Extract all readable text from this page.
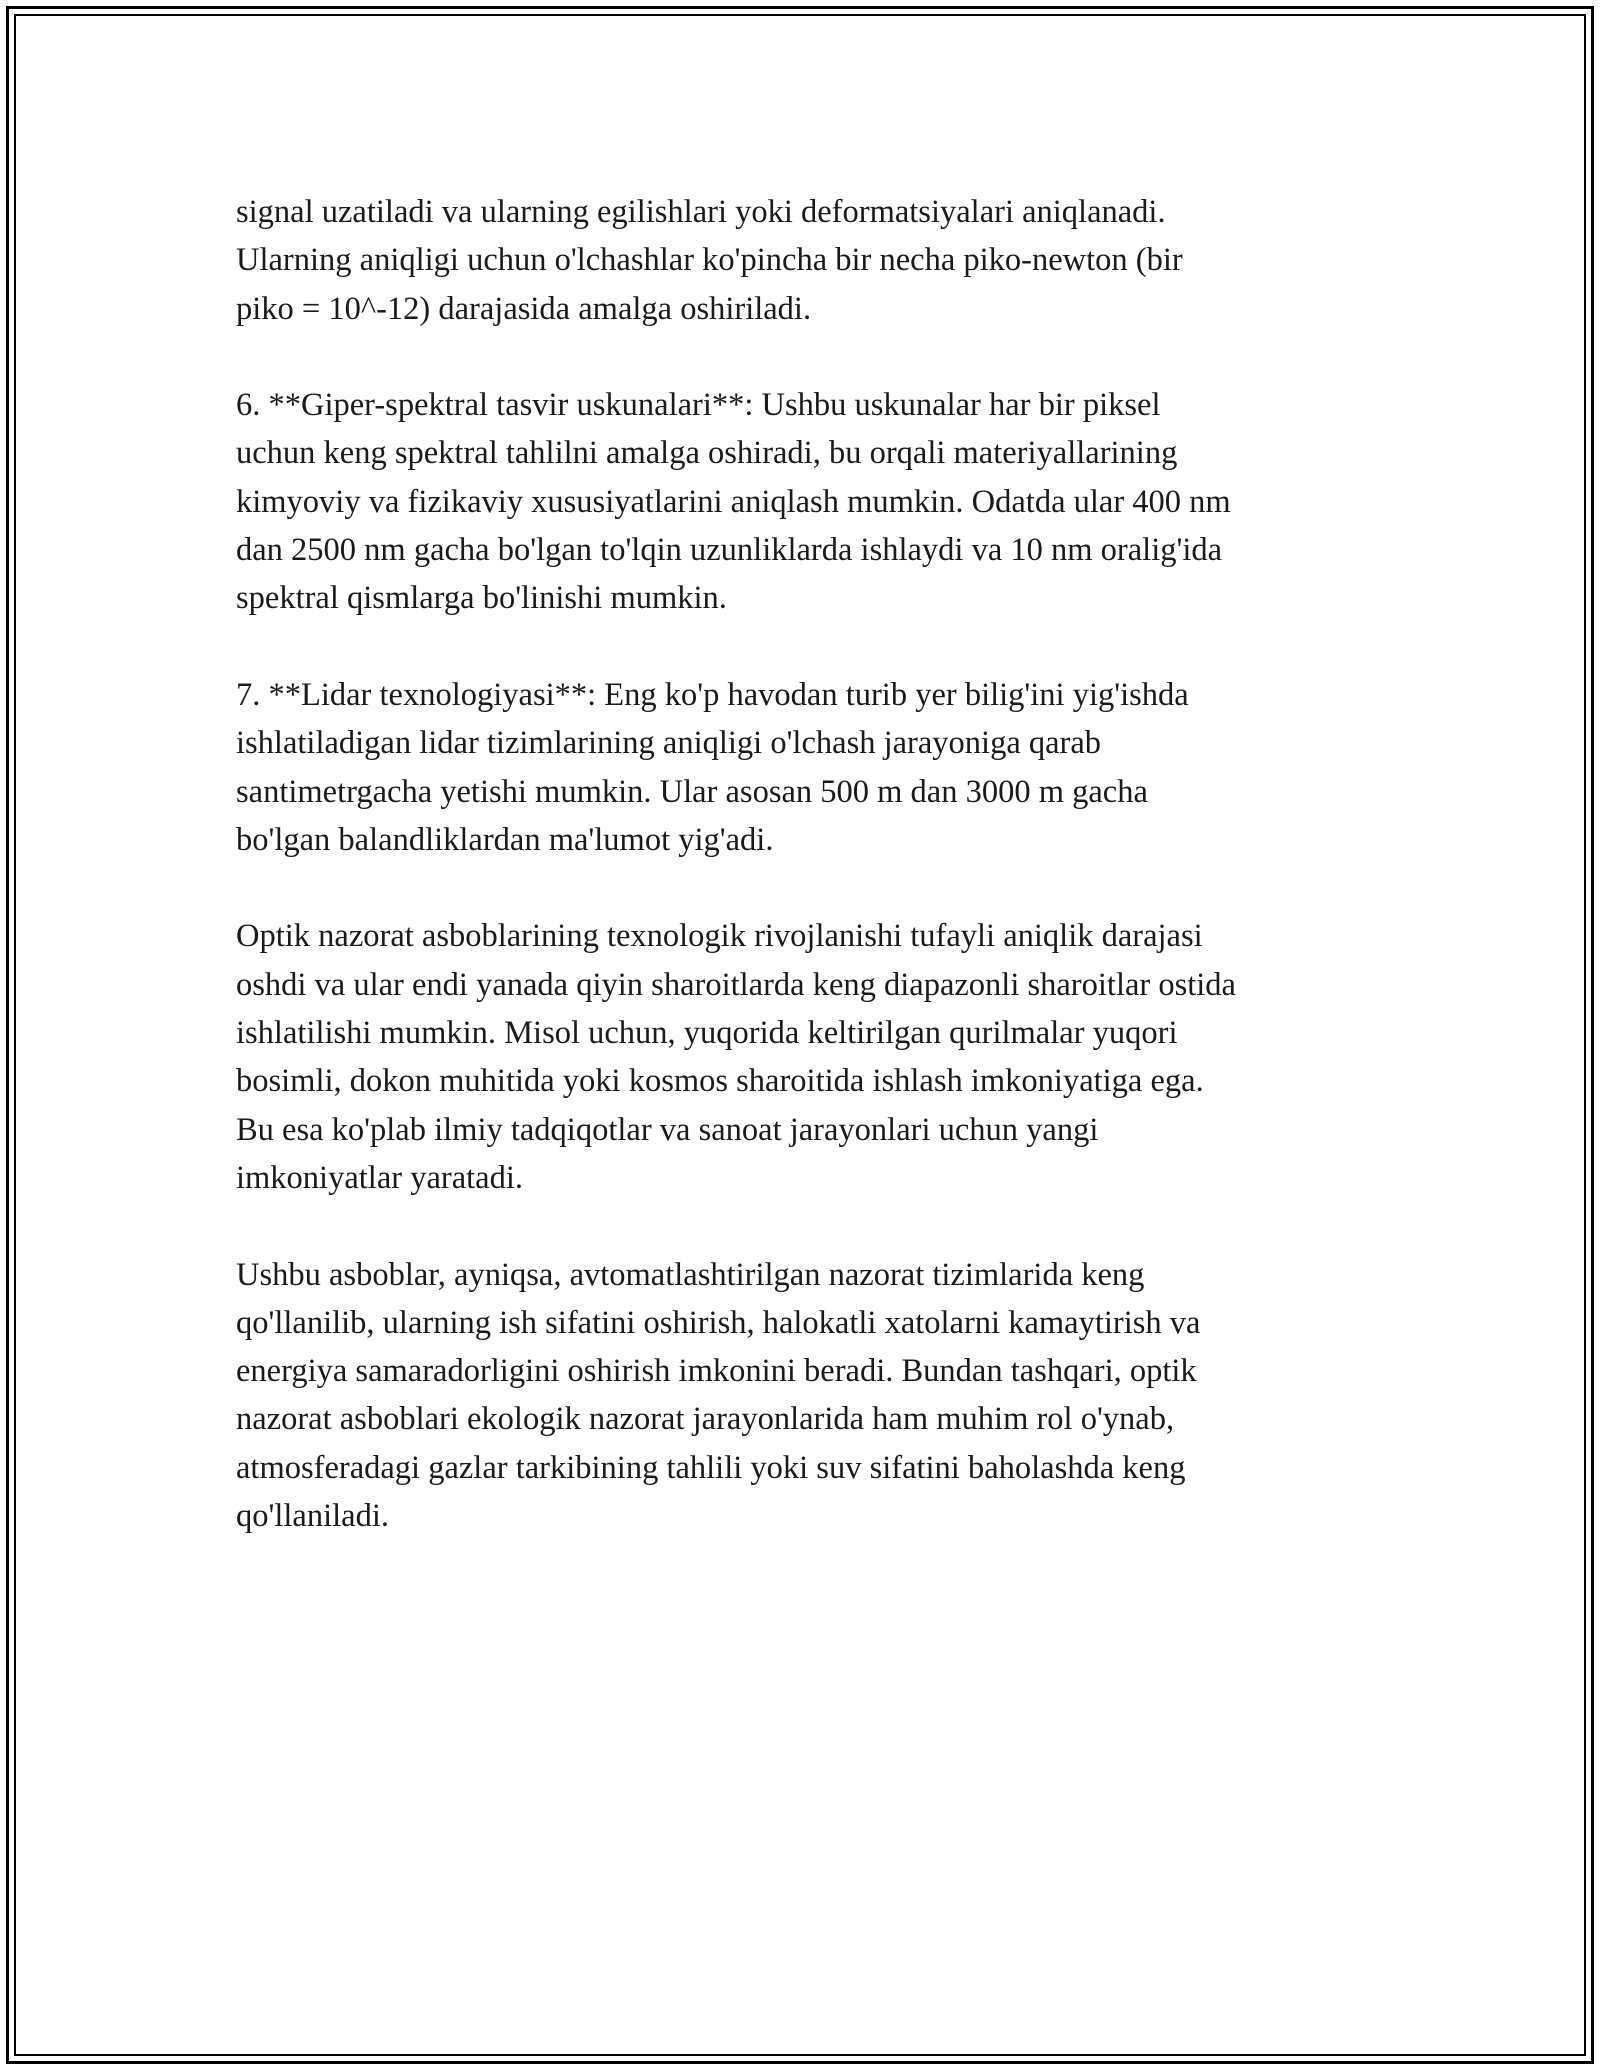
signal uzatiladi va ularning egilishlari yoki deformatsiyalari aniqlanadi.
Ularning aniqligi uchun o'lchashlar ko'pincha bir necha piko-newton (bir
piko = 10^-12) darajasida amalga oshiriladi.

6. **Giper-spektral tasvir uskunalari**: Ushbu uskunalar har bir piksel
uchun keng spektral tahlilni amalga oshiradi, bu orqali materiyallarining
kimyoviy va fizikaviy xususiyatlarini aniqlash mumkin. Odatda ular 400 nm
dan 2500 nm gacha bo'lgan to'lqin uzunliklarda ishlaydi va 10 nm oralig'ida
spektral qismlarga bo'linishi mumkin.

7. **Lidar texnologiyasi**: Eng ko'p havodan turib yer bilig'ini yig'ishda
ishlatiladigan lidar tizimlarining aniqligi o'lchash jarayoniga qarab
santimetrgacha yetishi mumkin. Ular asosan 500 m dan 3000 m gacha
bo'lgan balandliklardan ma'lumot yig'adi.

Optik nazorat asboblarining texnologik rivojlanishi tufayli aniqlik darajasi
oshdi va ular endi yanada qiyin sharoitlarda keng diapazonli sharoitlar ostida
ishlatilishi mumkin. Misol uchun, yuqorida keltirilgan qurilmalar yuqori
bosimli, dokon muhitida yoki kosmos sharoitida ishlash imkoniyatiga ega.
Bu esa ko'plab ilmiy tadqiqotlar va sanoat jarayonlari uchun yangi
imkoniyatlar yaratadi.

Ushbu asboblar, ayniqsa, avtomatlashtirilgan nazorat tizimlarida keng
qo'llanilib, ularning ish sifatini oshirish, halokatli xatolarni kamaytirish va
energiya samaradorligini oshirish imkonini beradi. Bundan tashqari, optik
nazorat asboblari ekologik nazorat jarayonlarida ham muhim rol o'ynab,
atmosferadagi gazlar tarkibining tahlili yoki suv sifatini baholashda keng
qo'llaniladi.
